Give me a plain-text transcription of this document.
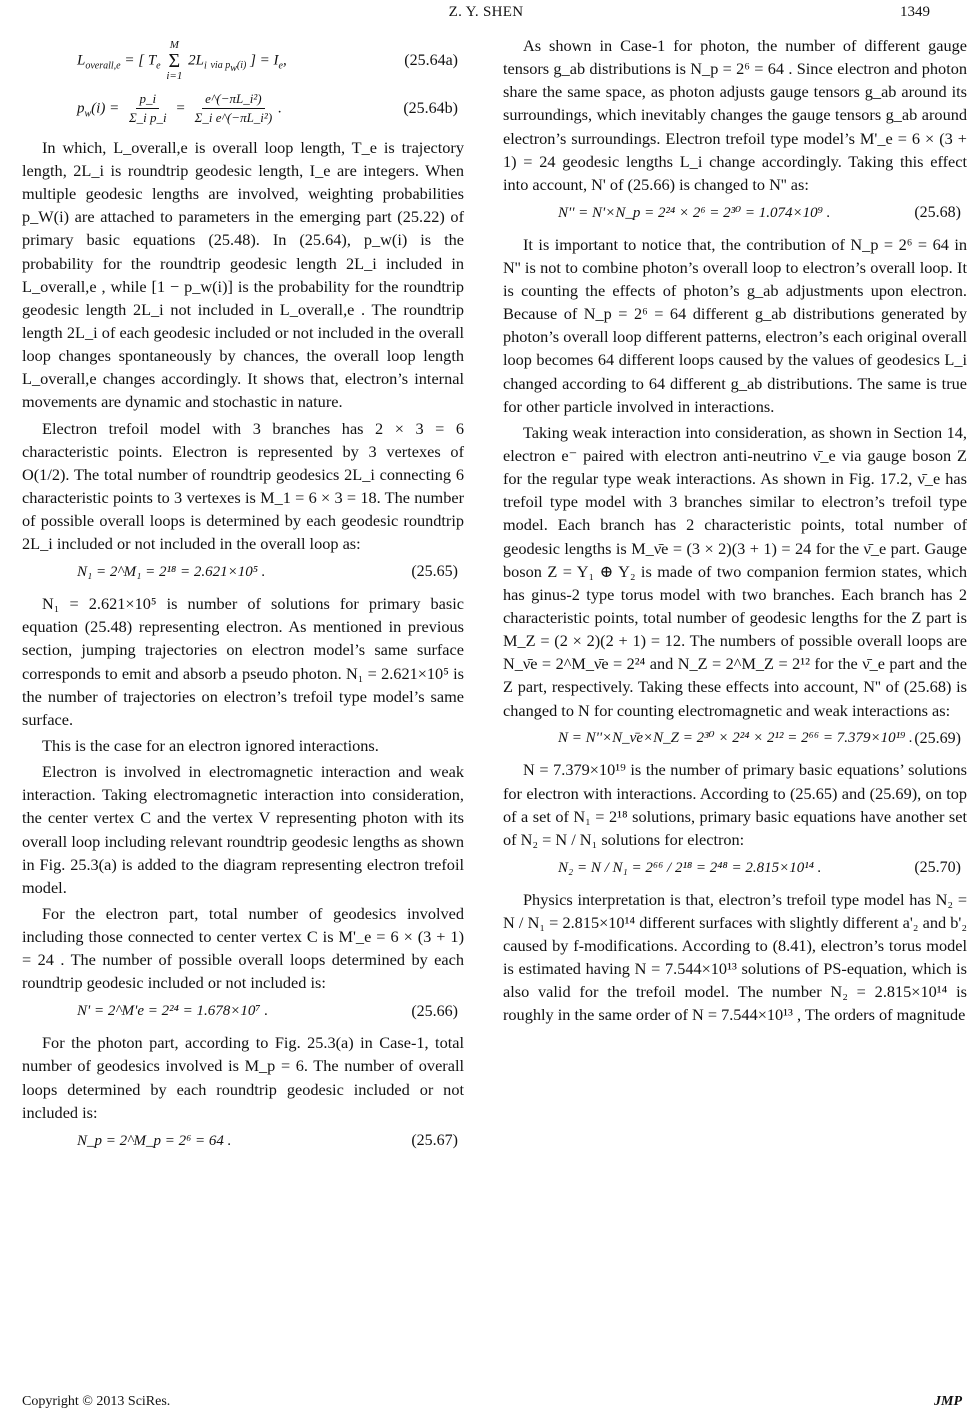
Z. Y. SHEN	1349
$L_{overall,e}$ = [ $T_e$
M
Σ
i=1
$2L_i$ $_{via p_w(i)}$ ] = $I_e$,	(25.64a)
$p_w(i) = \frac{p\_i}{\text{Σ\_i p\_i}} = \frac{\text{e\textasciicircum{}(−πL\_i²)}}{\text{Σ\_i e\textasciicircum{}(−πL\_i²)}}$ .	(25.64b)

In which, L_overall,e is overall loop length, T_e is trajectory length, 2L_i is roundtrip geodesic length, I_e are integers. When multiple geodesic lengths are involved, weighting probabilities p_W(i) are attached to parameters in the emerging part (25.22) of primary basic equations (25.48). In (25.64), p_w(i) is the probability for the roundtrip geodesic length 2L_i included in L_overall,e , while [1 − p_w(i)] is the probability for the roundtrip geodesic length 2L_i not included in L_overall,e . The roundtrip length 2L_i of each geodesic included or not included in the overall loop changes spontaneously by chances, the overall loop length L_overall,e changes accordingly. It shows that, electron’s internal movements are dynamic and stochastic in nature.

Electron trefoil model with 3 branches has 2 × 3 = 6 characteristic points. Electron is represented by 3 vertexes of O(1/2). The total number of roundtrip geodesics 2L_i connecting 6 characteristic points to 3 vertexes is M_1 = 6 × 3 = 18. The number of possible overall loops is determined by each geodesic roundtrip 2L_i included or not included in the overall loop as:

N₁ = 2^M₁ = 2¹⁸ = 2.621×10⁵ .	(25.65)

N₁ = 2.621×10⁵ is number of solutions for primary basic equation (25.48) representing electron. As mentioned in previous section, jumping trajectories on electron model’s same surface corresponds to emit and absorb a pseudo photon. N₁ = 2.621×10⁵ is the number of trajectories on electron’s trefoil type model’s same surface.

This is the case for an electron ignored interactions.

Electron is involved in electromagnetic interaction and weak interaction. Taking electromagnetic interaction into consideration, the center vertex C and the vertex V representing photon with its overall loop including relevant roundtrip geodesic lengths as shown in Fig. 25.3(a) is added to the diagram representing electron trefoil model.

For the electron part, total number of geodesics involved including those connected to center vertex C is M'_e = 6 × (3 + 1) = 24 . The number of possible overall loops determined by each roundtrip geodesic included or not included is:

N' = 2^M'e = 2²⁴ = 1.678×10⁷ .	(25.66)

For the photon part, according to Fig. 25.3(a) in Case-1, total number of geodesics involved is M_p = 6. The number of overall loops determined by each roundtrip geodesic included or not included is:

N_p = 2^M_p = 2⁶ = 64 .	(25.67)

As shown in Case-1 for photon, the number of different gauge tensors g_ab distributions is N_p = 2⁶ = 64 . Since electron and photon share the same space, as photon adjusts gauge tensors g_ab around its surroundings, which inevitably changes the gauge tensors g_ab around electron’s surroundings. Electron trefoil type model’s M'_e = 6 × (3 + 1) = 24 geodesic lengths L_i change accordingly. Taking this effect into account, N' of (25.66) is changed to N'' as:

N'' = N'×N_p = 2²⁴ × 2⁶ = 2³⁰ = 1.074×10⁹ .	(25.68)

It is important to notice that, the contribution of N_p = 2⁶ = 64 in N'' is not to combine photon’s overall loop to electron’s overall loop. It is counting the effects of photon’s g_ab adjustments upon electron. Because of N_p = 2⁶ = 64 different g_ab distributions generated by photon’s overall loop different patterns, electron’s each original overall loop becomes 64 different loops caused by the values of geodesics L_i changed according to 64 different g_ab distributions. The same is true for other particle involved in interactions.

Taking weak interaction into consideration, as shown in Section 14, electron e⁻ paired with electron anti-neutrino ν̄_e via gauge boson Z for the regular type weak interactions. As shown in Fig. 17.2, ν̄_e has trefoil type model with 3 branches similar to electron’s trefoil type model. Each branch has 2 characteristic points, total number of geodesic lengths is M_ν̄e = (3 × 2)(3 + 1) = 24 for the ν̄_e part. Gauge boson Z = Y₁ ⊕ Y₂ is made of two companion fermion states, which has ginus-2 type torus model with two branches. Each branch has 2 characteristic points, total number of geodesic lengths for the Z part is M_Z = (2 × 2)(2 + 1) = 12. The numbers of possible overall loops are N_ν̄e = 2^M_ν̄e = 2²⁴ and N_Z = 2^M_Z = 2¹² for the ν̄_e part and the Z part, respectively. Taking these effects into account, N'' of (25.68) is changed to N for counting electromagnetic and weak interactions as:

N = N''×N_ν̄e×N_Z = 2³⁰ × 2²⁴ × 2¹² = 2⁶⁶ = 7.379×10¹⁹ . (25.69)

N = 7.379×10¹⁹ is the number of primary basic equations’ solutions for electron with interactions. According to (25.65) and (25.69), on top of a set of N₁ = 2¹⁸ solutions, primary basic equations have another set of N₂ = N / N₁ solutions for electron:

N₂ = N / N₁ = 2⁶⁶ / 2¹⁸ = 2⁴⁸ = 2.815×10¹⁴ .	(25.70)

Physics interpretation is that, electron’s trefoil type model has N₂ = N / N₁ = 2.815×10¹⁴ different surfaces with slightly different a'₂ and b'₂ caused by f-modifications. According to (8.41), electron’s torus model is estimated having N = 7.544×10¹³ solutions of PS-equation, which is also valid for the trefoil model. The number N₂ = 2.815×10¹⁴ is roughly in the same order of N = 7.544×10¹³ , The orders of magnitude

Copyright © 2013 SciRes.	JMP
